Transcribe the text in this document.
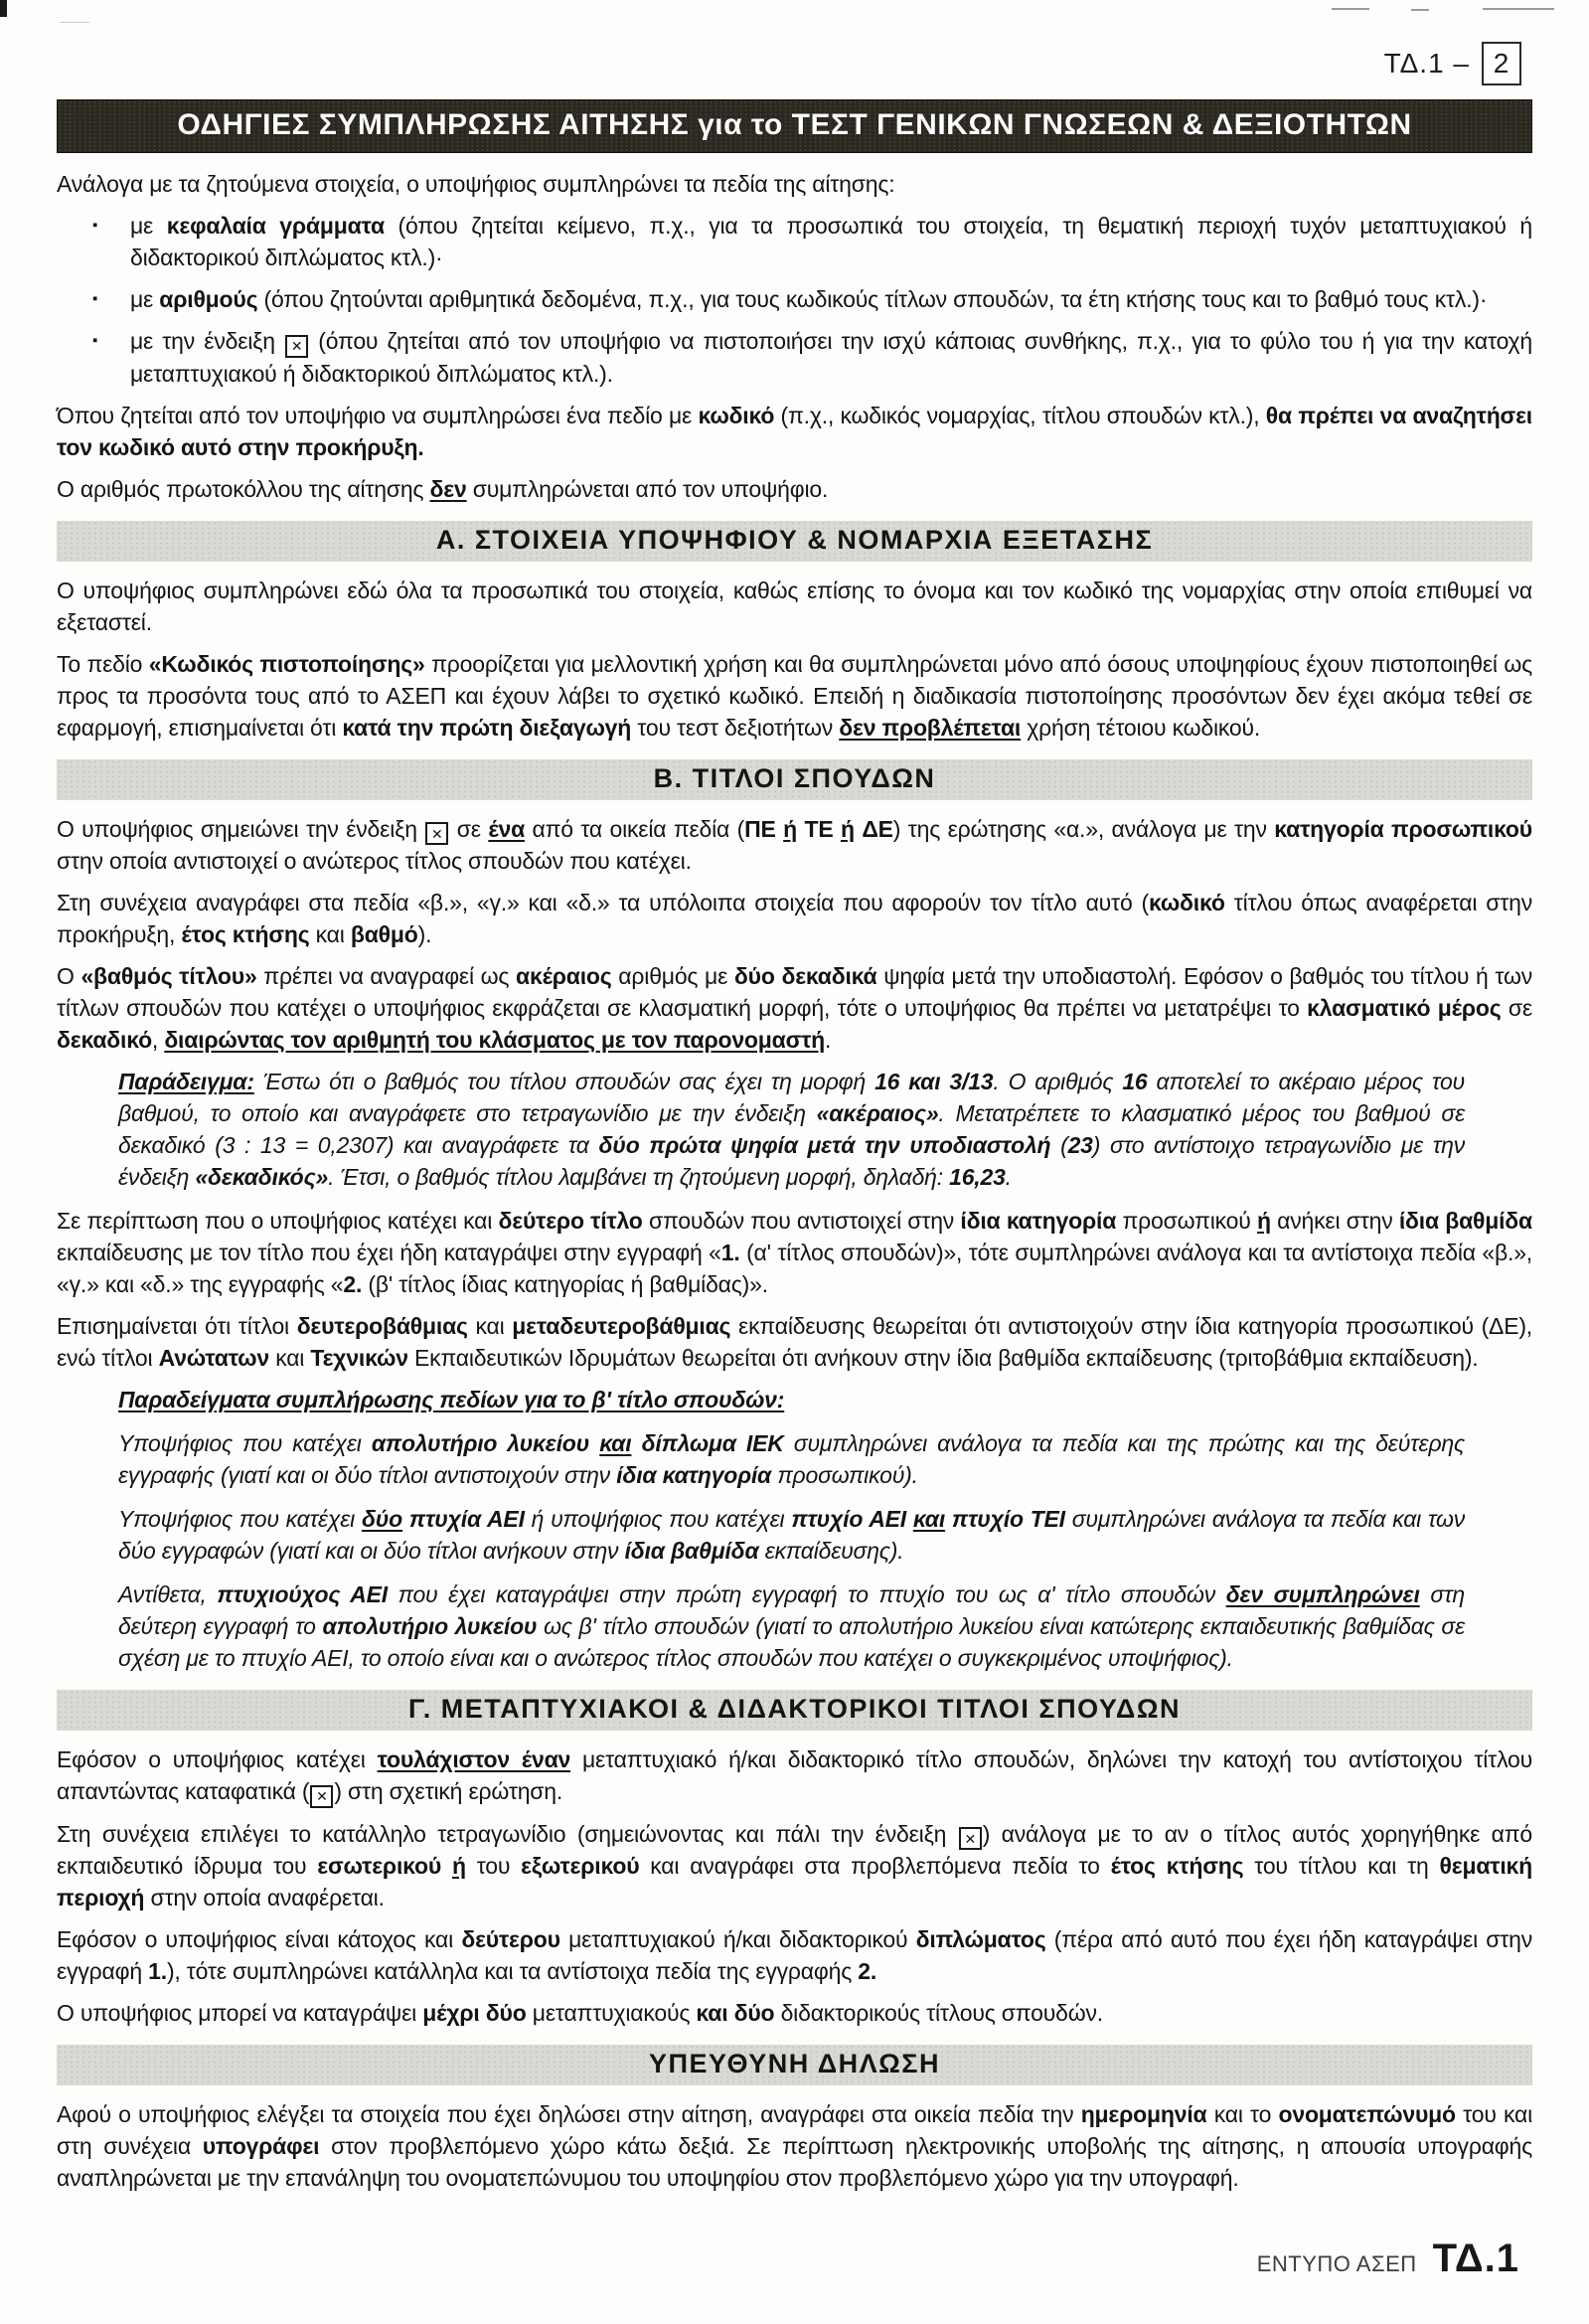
ΤΔ.1 – 2
ΟΔΗΓΙΕΣ ΣΥΜΠΛΗΡΩΣΗΣ ΑΙΤΗΣΗΣ για το ΤΕΣΤ ΓΕΝΙΚΩΝ ΓΝΩΣΕΩΝ & ΔΕΞΙΟΤΗΤΩΝ

Ανάλογα με τα ζητούμενα στοιχεία, ο υποψήφιος συμπληρώνει τα πεδία της αίτησης:

▪	με κεφαλαία γράμματα (όπου ζητείται κείμενο, π.χ., για τα προσωπικά του στοιχεία, τη θεματική περιοχή τυχόν μεταπτυχιακού ή διδακτορικού διπλώματος κτλ.)·
▪	με αριθμούς (όπου ζητούνται αριθμητικά δεδομένα, π.χ., για τους κωδικούς τίτλων σπουδών, τα έτη κτήσης τους και το βαθμό τους κτλ.)·
▪	με την ένδειξη ✕ (όπου ζητείται από τον υποψήφιο να πιστοποιήσει την ισχύ κάποιας συνθήκης, π.χ., για το φύλο του ή για την κατοχή μεταπτυχιακού ή διδακτορικού διπλώματος κτλ.).

Όπου ζητείται από τον υποψήφιο να συμπληρώσει ένα πεδίο με κωδικό (π.χ., κωδικός νομαρχίας, τίτλου σπουδών κτλ.), θα πρέπει να αναζητήσει τον κωδικό αυτό στην προκήρυξη.

Ο αριθμός πρωτοκόλλου της αίτησης δεν συμπληρώνεται από τον υποψήφιο.

Α. ΣΤΟΙΧΕΙΑ ΥΠΟΨΗΦΙΟΥ & ΝΟΜΑΡΧΙΑ ΕΞΕΤΑΣΗΣ

Ο υποψήφιος συμπληρώνει εδώ όλα τα προσωπικά του στοιχεία, καθώς επίσης το όνομα και τον κωδικό της νομαρχίας στην οποία επιθυμεί να εξεταστεί.

Το πεδίο «Κωδικός πιστοποίησης» προορίζεται για μελλοντική χρήση και θα συμπληρώνεται μόνο από όσους υποψηφίους έχουν πιστοποιηθεί ως προς τα προσόντα τους από το ΑΣΕΠ και έχουν λάβει το σχετικό κωδικό. Επειδή η διαδικασία πιστοποίησης προσόντων δεν έχει ακόμα τεθεί σε εφαρμογή, επισημαίνεται ότι κατά την πρώτη διεξαγωγή του τεστ δεξιοτήτων δεν προβλέπεται χρήση τέτοιου κωδικού.

Β. ΤΙΤΛΟΙ ΣΠΟΥΔΩΝ

Ο υποψήφιος σημειώνει την ένδειξη ✕ σε ένα από τα οικεία πεδία (ΠΕ ή ΤΕ ή ΔΕ) της ερώτησης «α.», ανάλογα με την κατηγορία προσωπικού στην οποία αντιστοιχεί ο ανώτερος τίτλος σπουδών που κατέχει.

Στη συνέχεια αναγράφει στα πεδία «β.», «γ.» και «δ.» τα υπόλοιπα στοιχεία που αφορούν τον τίτλο αυτό (κωδικό τίτλου όπως αναφέρεται στην προκήρυξη, έτος κτήσης και βαθμό).

Ο «βαθμός τίτλου» πρέπει να αναγραφεί ως ακέραιος αριθμός με δύο δεκαδικά ψηφία μετά την υποδιαστολή. Εφόσον ο βαθμός του τίτλου ή των τίτλων σπουδών που κατέχει ο υποψήφιος εκφράζεται σε κλασματική μορφή, τότε ο υποψήφιος θα πρέπει να μετατρέψει το κλασματικό μέρος σε δεκαδικό, διαιρώντας τον αριθμητή του κλάσματος με τον παρονομαστή.

Παράδειγμα: Έστω ότι ο βαθμός του τίτλου σπουδών σας έχει τη μορφή 16 και 3/13. Ο αριθμός 16 αποτελεί το ακέραιο μέρος του βαθμού, το οποίο και αναγράφετε στο τετραγωνίδιο με την ένδειξη «ακέραιος». Μετατρέπετε το κλασματικό μέρος του βαθμού σε δεκαδικό (3 : 13 = 0,2307) και αναγράφετε τα δύο πρώτα ψηφία μετά την υποδιαστολή (23) στο αντίστοιχο τετραγωνίδιο με την ένδειξη «δεκαδικός». Έτσι, ο βαθμός τίτλου λαμβάνει τη ζητούμενη μορφή, δηλαδή: 16,23.

Σε περίπτωση που ο υποψήφιος κατέχει και δεύτερο τίτλο σπουδών που αντιστοιχεί στην ίδια κατηγορία προσωπικού ή ανήκει στην ίδια βαθμίδα εκπαίδευσης με τον τίτλο που έχει ήδη καταγράψει στην εγγραφή «1. (α' τίτλος σπουδών)», τότε συμπληρώνει ανάλογα και τα αντίστοιχα πεδία «β.», «γ.» και «δ.» της εγγραφής «2. (β' τίτλος ίδιας κατηγορίας ή βαθμίδας)».

Επισημαίνεται ότι τίτλοι δευτεροβάθμιας και μεταδευτεροβάθμιας εκπαίδευσης θεωρείται ότι αντιστοιχούν στην ίδια κατηγορία προσωπικού (ΔΕ), ενώ τίτλοι Ανώτατων και Τεχνικών Εκπαιδευτικών Ιδρυμάτων θεωρείται ότι ανήκουν στην ίδια βαθμίδα εκπαίδευσης (τριτοβάθμια εκπαίδευση).

Παραδείγματα συμπλήρωσης πεδίων για το β' τίτλο σπουδών:

Υποψήφιος που κατέχει απολυτήριο λυκείου και δίπλωμα ΙΕΚ συμπληρώνει ανάλογα τα πεδία και της πρώτης και της δεύτερης εγγραφής (γιατί και οι δύο τίτλοι αντιστοιχούν στην ίδια κατηγορία προσωπικού).

Υποψήφιος που κατέχει δύο πτυχία ΑΕΙ ή υποψήφιος που κατέχει πτυχίο ΑΕΙ και πτυχίο ΤΕΙ συμπληρώνει ανάλογα τα πεδία και των δύο εγγραφών (γιατί και οι δύο τίτλοι ανήκουν στην ίδια βαθμίδα εκπαίδευσης).

Αντίθετα, πτυχιούχος ΑΕΙ που έχει καταγράψει στην πρώτη εγγραφή το πτυχίο του ως α' τίτλο σπουδών δεν συμπληρώνει στη δεύτερη εγγραφή το απολυτήριο λυκείου ως β' τίτλο σπουδών (γιατί το απολυτήριο λυκείου είναι κατώτερης εκπαιδευτικής βαθμίδας σε σχέση με το πτυχίο ΑΕΙ, το οποίο είναι και ο ανώτερος τίτλος σπουδών που κατέχει ο συγκεκριμένος υποψήφιος).

Γ. ΜΕΤΑΠΤΥΧΙΑΚΟΙ & ΔΙΔΑΚΤΟΡΙΚΟΙ ΤΙΤΛΟΙ ΣΠΟΥΔΩΝ

Εφόσον ο υποψήφιος κατέχει τουλάχιστον έναν μεταπτυχιακό ή/και διδακτορικό τίτλο σπουδών, δηλώνει την κατοχή του αντίστοιχου τίτλου απαντώντας καταφατικά ( ✕ ) στη σχετική ερώτηση.

Στη συνέχεια επιλέγει το κατάλληλο τετραγωνίδιο (σημειώνοντας και πάλι την ένδειξη ✕ ) ανάλογα με το αν ο τίτλος αυτός χορηγήθηκε από εκπαιδευτικό ίδρυμα του εσωτερικού ή του εξωτερικού και αναγράφει στα προβλεπόμενα πεδία το έτος κτήσης του τίτλου και τη θεματική περιοχή στην οποία αναφέρεται.

Εφόσον ο υποψήφιος είναι κάτοχος και δεύτερου μεταπτυχιακού ή/και διδακτορικού διπλώματος (πέρα από αυτό που έχει ήδη καταγράψει στην εγγραφή 1.), τότε συμπληρώνει κατάλληλα και τα αντίστοιχα πεδία της εγγραφής 2.

Ο υποψήφιος μπορεί να καταγράψει μέχρι δύο μεταπτυχιακούς και δύο διδακτορικούς τίτλους σπουδών.

ΥΠΕΥΘΥΝΗ ΔΗΛΩΣΗ

Αφού ο υποψήφιος ελέγξει τα στοιχεία που έχει δηλώσει στην αίτηση, αναγράφει στα οικεία πεδία την ημερομηνία και το ονοματεπώνυμό του και στη συνέχεια υπογράφει στον προβλεπόμενο χώρο κάτω δεξιά. Σε περίπτωση ηλεκτρονικής υποβολής της αίτησης, η απουσία υπογραφής αναπληρώνεται με την επανάληψη του ονοματεπώνυμου του υποψηφίου στον προβλεπόμενο χώρο για την υπογραφή.

ΕΝΤΥΠΟ ΑΣΕΠ ΤΔ.1
